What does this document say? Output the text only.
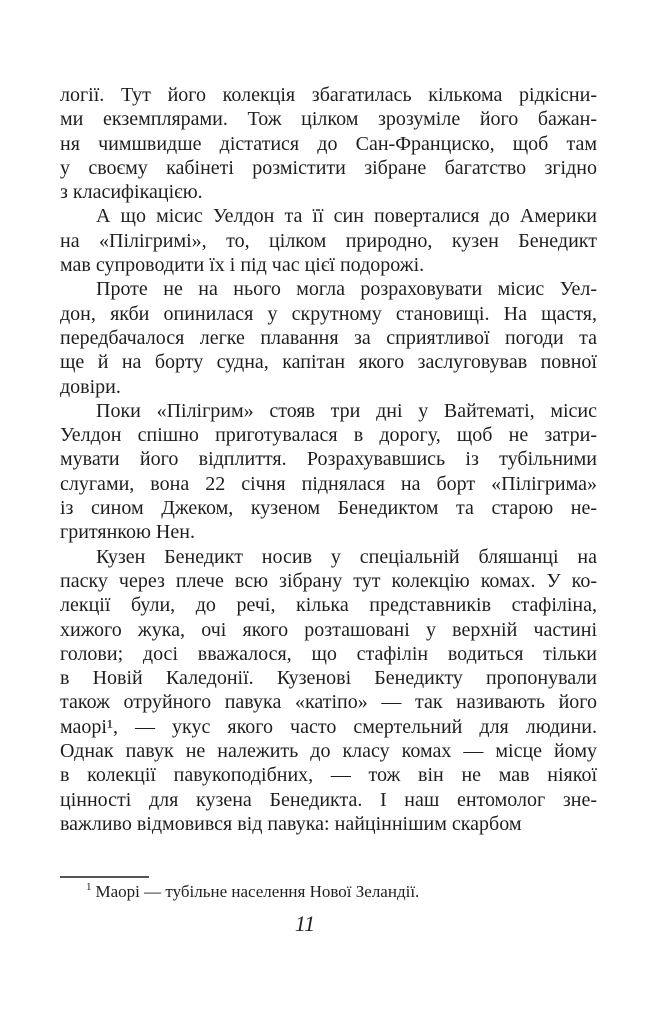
логії. Тут його колекція збагатилась кількома рідкісни-
ми екземплярами. Тож цілком зрозуміле його бажан-
ня чимшвидше дістатися до Сан-Франциско, щоб там
у своєму кабінеті розмістити зібране багатство згідно
з класифікацією.
А що місис Уелдон та її син поверталися до Америки
на «Пілігримі», то, цілком природно, кузен Бенедикт
мав супроводити їх і під час цієї подорожі.
Проте не на нього могла розраховувати місис Уел-
дон, якби опинилася у скрутному становищі. На щастя,
передбачалося легке плавання за сприятливої погоди та
ще й на борту судна, капітан якого заслуговував повної
довіри.
Поки «Пілігрим» стояв три дні у Вайтематі, місис
Уелдон спішно приготувалася в дорогу, щоб не затри-
мувати його відплиття. Розрахувавшись із тубільними
слугами, вона 22 січня піднялася на борт «Пілігрима»
із сином Джеком, кузеном Бенедиктом та старою не-
гритянкою Нен.
Кузен Бенедикт носив у спеціальній бляшанці на
паску через плече всю зібрану тут колекцію комах. У ко-
лекції були, до речі, кілька представників стафіліна,
хижого жука, очі якого розташовані у верхній частині
голови; досі вважалося, що стафілін водиться тільки
в Новій Каледонії. Кузенові Бенедикту пропонували
також отруйного павука «катіпо» — так називають його
маорі¹, — укус якого часто смертельний для людини.
Однак павук не належить до класу комах — місце йому
в колекції павукоподібних, — тож він не мав ніякої
цінності для кузена Бенедикта. І наш ентомолог зне-
важливо відмовився від павука: найціннішим скарбом
$^1$ Маорі — тубільне населення Нової Зеландії.
11
